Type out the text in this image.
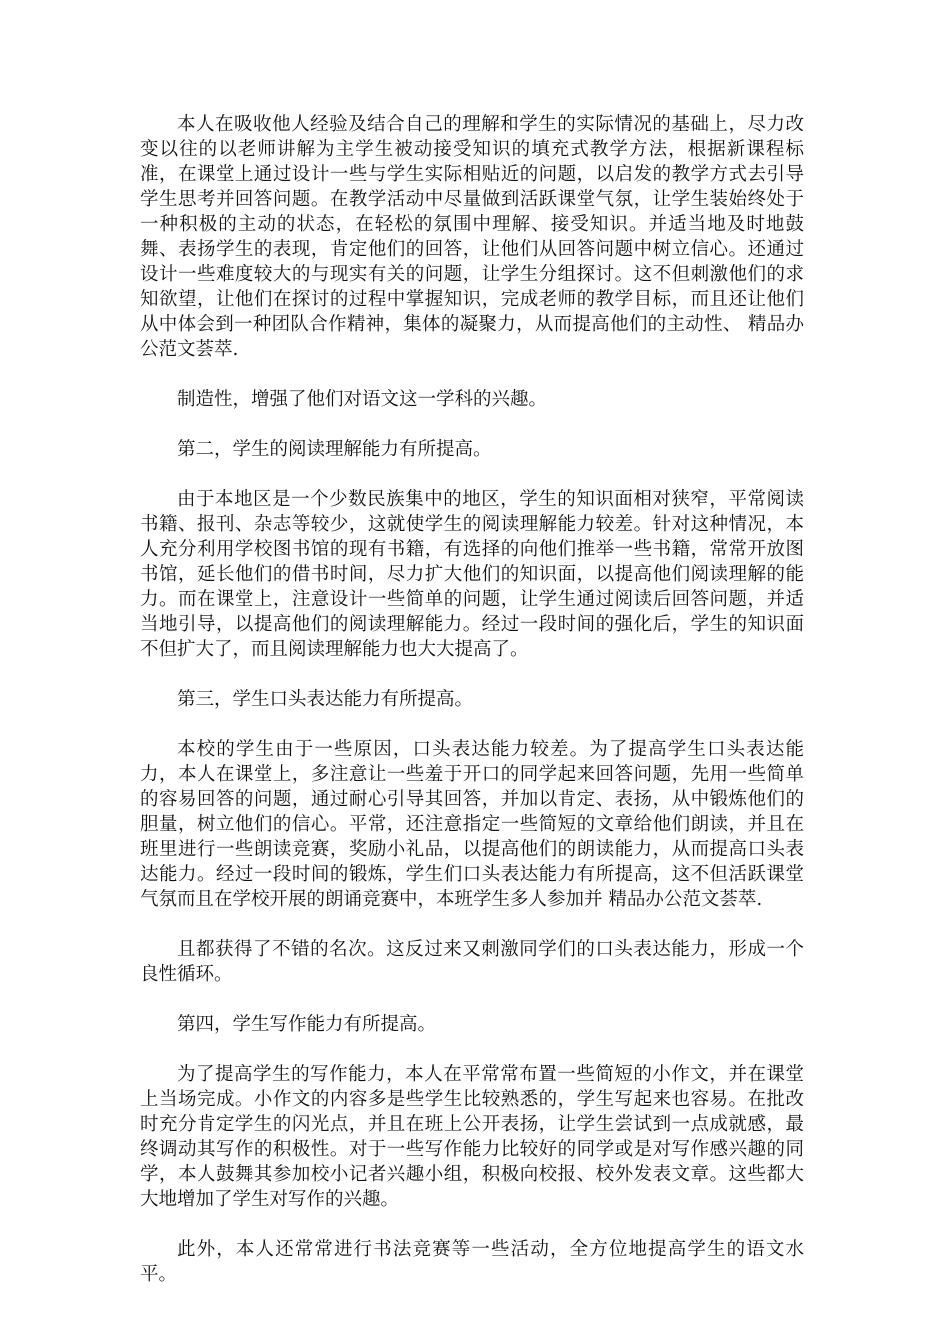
本人在吸收他人经验及结合自己的理解和学生的实际情况的基础上，尽力改变以往的以老师讲解为主学生被动接受知识的填充式教学方法，根据新课程标准，在课堂上通过设计一些与学生实际相贴近的问题，以启发的教学方式去引导学生思考并回答问题。在教学活动中尽量做到活跃课堂气氛，让学生装始终处于一种积极的主动的状态，在轻松的氛围中理解、接受知识。并适当地及时地鼓舞、表扬学生的表现，肯定他们的回答，让他们从回答问题中树立信心。还通过设计一些难度较大的与现实有关的问题，让学生分组探讨。这不但刺激他们的求知欲望，让他们在探讨的过程中掌握知识，完成老师的教学目标，而且还让他们从中体会到一种团队合作精神，集体的凝聚力，从而提高他们的主动性、 精品办公范文荟萃.

制造性，增强了他们对语文这一学科的兴趣。

第二，学生的阅读理解能力有所提高。

由于本地区是一个少数民族集中的地区，学生的知识面相对狭窄，平常阅读书籍、报刊、杂志等较少，这就使学生的阅读理解能力较差。针对这种情况，本人充分利用学校图书馆的现有书籍，有选择的向他们推举一些书籍，常常开放图书馆，延长他们的借书时间，尽力扩大他们的知识面，以提高他们阅读理解的能力。而在课堂上，注意设计一些简单的问题，让学生通过阅读后回答问题，并适当地引导，以提高他们的阅读理解能力。经过一段时间的强化后，学生的知识面不但扩大了，而且阅读理解能力也大大提高了。

第三，学生口头表达能力有所提高。

本校的学生由于一些原因，口头表达能力较差。为了提高学生口头表达能力，本人在课堂上，多注意让一些羞于开口的同学起来回答问题，先用一些简单的容易回答的问题，通过耐心引导其回答，并加以肯定、表扬，从中锻炼他们的胆量，树立他们的信心。平常，还注意指定一些简短的文章给他们朗读，并且在班里进行一些朗读竞赛，奖励小礼品，以提高他们的朗读能力，从而提高口头表达能力。经过一段时间的锻炼，学生们口头表达能力有所提高，这不但活跃课堂气氛而且在学校开展的朗诵竞赛中，本班学生多人参加并 精品办公范文荟萃.

且都获得了不错的名次。这反过来又刺激同学们的口头表达能力，形成一个良性循环。

第四，学生写作能力有所提高。

为了提高学生的写作能力，本人在平常常布置一些简短的小作文，并在课堂上当场完成。小作文的内容多是些学生比较熟悉的，学生写起来也容易。在批改时充分肯定学生的闪光点，并且在班上公开表扬，让学生尝试到一点成就感，最终调动其写作的积极性。对于一些写作能力比较好的同学或是对写作感兴趣的同学，本人鼓舞其参加校小记者兴趣小组，积极向校报、校外发表文章。这些都大大地增加了学生对写作的兴趣。

此外，本人还常常进行书法竞赛等一些活动，全方位地提高学生的语文水平。
